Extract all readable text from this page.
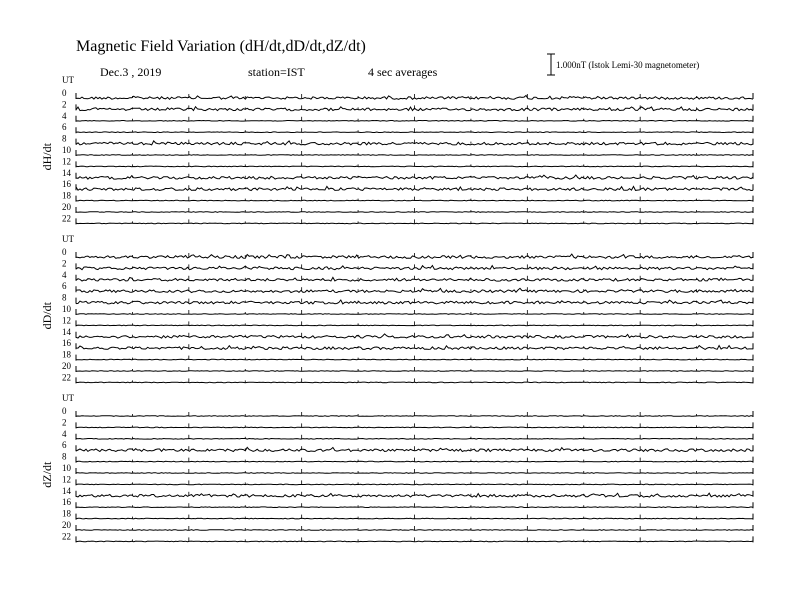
Magnetic Field Variation (dH/dt,dD/dt,dZ/dt)
Dec.3 , 2019	station=IST	4 sec averages	1.000nT (Istok Lemi-30 magnetometer)
UT
dH/dt
0
2
4
6
8
10
12
14
16
18
20
22
UT
dD/dt
0
2
4
6
8
10
12
14
16
18
20
22
UT
dZ/dt
0
2
4
6
8
10
12
14
16
18
20
22
